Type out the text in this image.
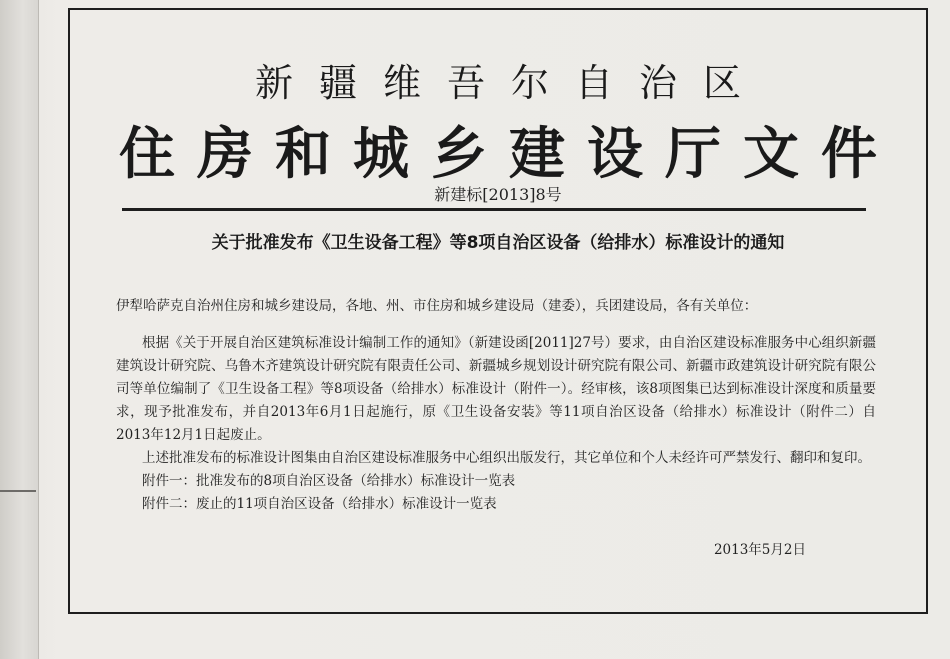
新疆维吾尔自治区
住房和城乡建设厅文件
新建标[2013]8号
关于批准发布《卫生设备工程》等8项自治区设备（给排水）标准设计的通知
伊犁哈萨克自治州住房和城乡建设局，各地、州、市住房和城乡建设局（建委），兵团建设局，各有关单位：

根据《关于开展自治区建筑标准设计编制工作的通知》（新建设函[2011]27号）要求，由自治区建设标准服务中心组织新疆建筑设计研究院、乌鲁木齐建筑设计研究院有限责任公司、新疆城乡规划设计研究院有限公司、新疆市政建筑设计研究院有限公司等单位编制了《卫生设备工程》等8项设备（给排水）标准设计（附件一）。经审核，该8项图集已达到标准设计深度和质量要求，现予批准发布，并自2013年6月1日起施行，原《卫生设备安装》等11项自治区设备（给排水）标准设计（附件二）自2013年12月1日起废止。

上述批准发布的标准设计图集由自治区建设标准服务中心组织出版发行，其它单位和个人未经许可严禁发行、翻印和复印。

附件一：批准发布的8项自治区设备（给排水）标准设计一览表

附件二：废止的11项自治区设备（给排水）标准设计一览表

2013年5月2日
